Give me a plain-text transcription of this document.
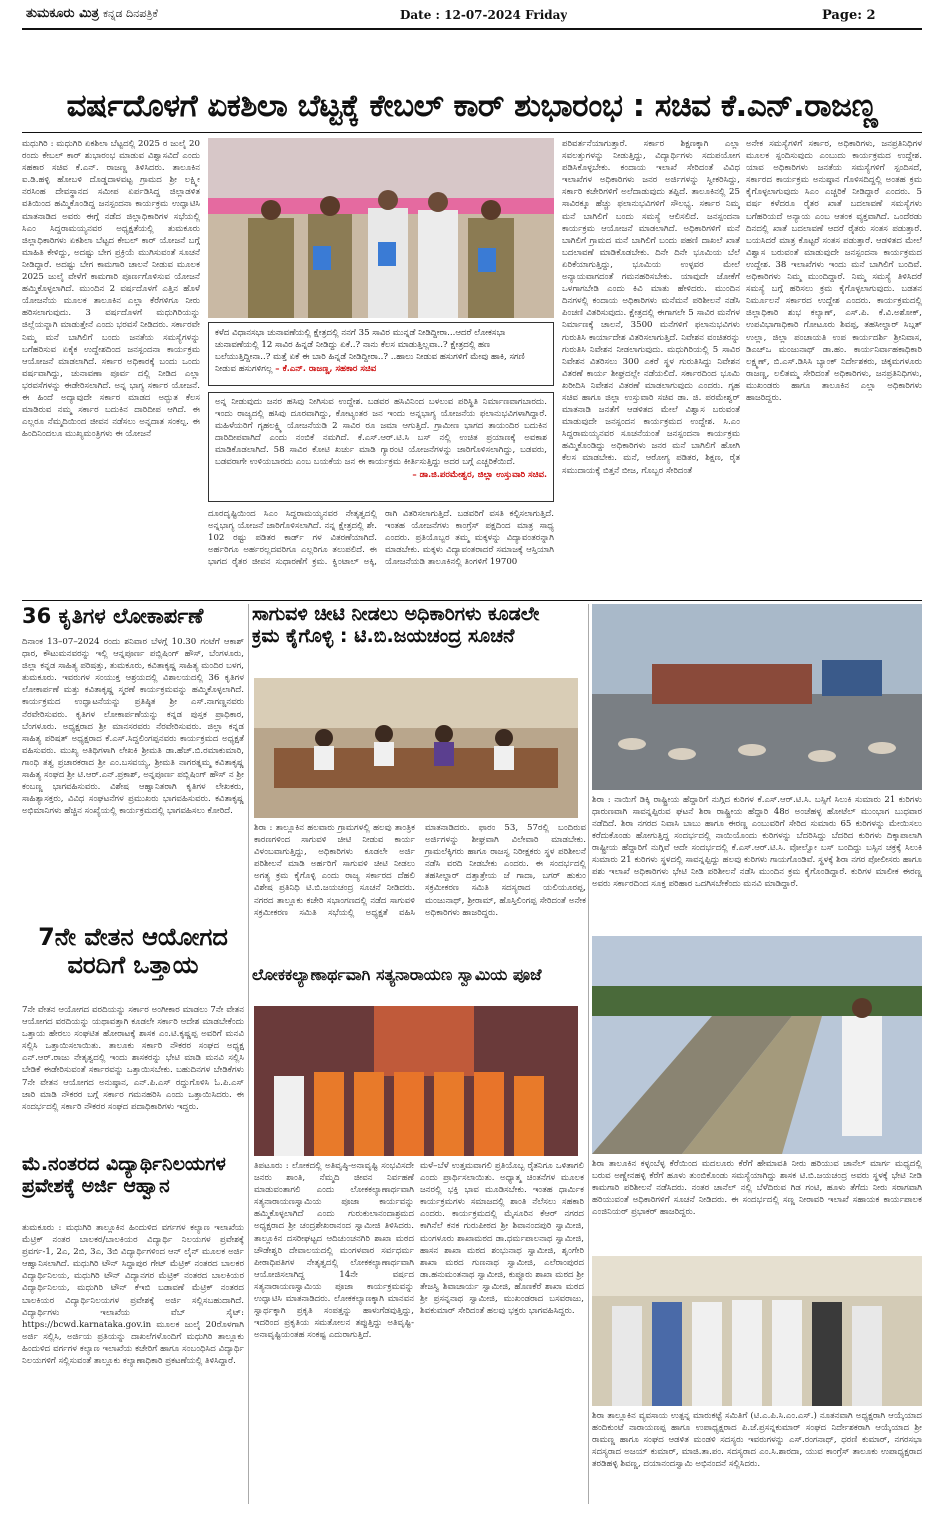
ತುಮಕೂರು ಮಿತ್ರ ಕನ್ನಡ ದಿನಪತ್ರಿಕೆ	Date : 12-07-2024 Friday	Page: 2
ವರ್ಷದೊಳಗೆ ಏಕಶಿಲಾ ಬೆಟ್ಟಕ್ಕೆ ಕೇಬಲ್ ಕಾರ್ ಶುಭಾರಂಭ : ಸಚಿವ ಕೆ.ಎನ್.ರಾಜಣ್ಣ
ಮಧುಗಿರಿ : ಮಧುಗಿರಿ ಏಕಶಿಲಾ ಬೆಟ್ಟದಲ್ಲಿ 2025 ರ ಜುಲೈ 20 ರಂದು ಕೇಬಲ್ ಕಾರ್ ಶುಭಾರಂಭ ಮಾಡುವ ವಿಶ್ವಾಸವಿದೆ ಎಂದು ಸಹಕಾರ ಸಚಿವ ಕೆ.ಎನ್. ರಾಜಣ್ಣ ತಿಳಿಸಿದರು. ತಾಲೂಕಿನ ಐ.ಡಿ.ಹಳ್ಳಿ ಹೋಬಳಿ ದೊಡ್ಡದಾಳವಟ್ಟ ಗ್ರಾಮದ ಶ್ರೀ ಲಕ್ಷ್ಮೀ ನರಸಿಂಹ ದೇವಸ್ಥಾನದ ಸಮೀಪ ಏರ್ಪಡಿಸಿದ್ದ ಜಿಲ್ಲಾಡಳಿತ ವತಿಯಿಂದ ಹಮ್ಮಿಕೊಂಡಿದ್ದ ಜನಸ್ಪಂದನಾ ಕಾರ್ಯಕ್ರಮ ಉದ್ಘಾಟಿಸಿ ಮಾತನಾಡಿದ ಅವರು ಈಗ್ಗೆ ನಡೆದ ಜಿಲ್ಲಾಧಿಕಾರಿಗಳ ಸಭೆಯಲ್ಲಿ ಸಿಎಂ ಸಿದ್ದರಾಮಯ್ಯನವರ ಅಧ್ಯಕ್ಷತೆಯಲ್ಲಿ ತುಮಕೂರು ಜಿಲ್ಲಾಧಿಕಾರಿಗಳು ಏಕಶಿಲಾ ಬೆಟ್ಟದ ಕೇಬಲ್ ಕಾರ್ ಯೋಜನೆ ಬಗ್ಗೆ ಮಾಹಿತಿ ಕೇಳಿದ್ದು, ಅದಷ್ಟು ಬೇಗ ಪ್ರಕ್ರಿಯೆ ಮುಗಿಸುವಂತೆ ಸೂಚನೆ ನೀಡಿದ್ದಾರೆ. ಅದಷ್ಟು ಬೇಗ ಕಾಮಗಾರಿ ಚಾಲನೆ ನೀಡುವ ಮೂಲಕ 2025 ಜುಲೈ ವೇಳೆಗೆ ಕಾಮಗಾರಿ ಪೂರ್ಣಗೊಳಿಸುವ ಯೋಜನೆ ಹಮ್ಮಿಕೊಳ್ಳಲಾಗಿದೆ. ಮುಂದಿನ 2 ವರ್ಷದೊಳಗೆ ಎತ್ತಿನ ಹೊಳೆ ಯೋಜನೆಯ ಮೂಲಕ ತಾಲೂಕಿನ ಎಲ್ಲಾ ಕೆರೆಗಳಿಗೂ ನೀರು ಹರಿಸಲಾಗುವುದು. 3 ವರ್ಷದೊಳಗೆ ಮಧುಗಿರಿಯನ್ನು ಜಿಲ್ಲೆಯನ್ನಾಗಿ ಮಾಡುತ್ತೇನೆ ಎಂದು ಭರವಸೆ ನೀಡಿದರು. ಸರ್ಕಾರವೇ ನಿಮ್ಮ ಮನೆ ಬಾಗಿಲಿಗೆ ಬಂದು ಜನತೆಯ ಸಮಸ್ಯೆಗಳನ್ನು ಬಗೆಹರಿಸುವ ಏಕೈಕ ಉದ್ದೇಶದಿಂದ ಜನಸ್ಪಂದನಾ ಕಾರ್ಯಕ್ರಮ ಆಯೋಜನೆ ಮಾಡಲಾಗಿದೆ. ಸರ್ಕಾರ ಅಧಿಕಾರಕ್ಕೆ ಬಂದು ಒಂದು ವರ್ಷವಾಗಿದ್ದು, ಚುನಾವಣಾ ಪೂರ್ವ ದಲ್ಲಿ ನೀಡಿದ ಎಲ್ಲಾ ಭರವಸೆಗಳನ್ನು ಈಡೇರಿಸಲಾಗಿದೆ. ಅನ್ನ ಭಾಗ್ಯ ಸರ್ಕಾರ ಯೋಜನೆ. ಈ ಹಿಂದೆ ಅದ್ಯಾವುದೇ ಸರ್ಕಾರ ಮಾಡದ ಅದ್ಭುತ ಕೆಲಸ ಮಾಡಿರುವ ನಮ್ಮ ಸರ್ಕಾರ ಬದುಕಿನ ದಾರಿದೀಪ ಆಗಿದೆ. ಈ ಎಲ್ಲರೂ ನೆಮ್ಮದಿಯಿಂದ ಜೀವನ ನಡೆಸಲು ಅನ್ನದಾತ ಸಂಕಲ್ಪ. ಈ ಹಿಂದಿನಿಂದಲೂ ಮುಖ್ಯಮಂತ್ರಿಗಳು ಈ ಯೋಜನೆ
ಕಳೆದ ವಿಧಾನಸಭಾ ಚುನಾವಣೆಯಲ್ಲಿ ಕ್ಷೇತ್ರದಲ್ಲಿ ನನಗೆ 35 ಸಾವಿರ ಮುನ್ನಡೆ ನೀಡಿದ್ದೀರಾ...ಆದರೆ ಲೋಕಸಭಾ ಚುನಾವಣೆಯಲ್ಲಿ 12 ಸಾವಿರ ಹಿನ್ನಡೆ ನೀಡಿದ್ದು ಏಕೆ..? ನಾನು ಕೆಲಸ ಮಾಡುತ್ತಿಲ್ಲವಾ..? ಕ್ಷೇತ್ರದಲ್ಲಿ ಹಣ ಬಲೆಯುತ್ತಿದ್ದೀನಾ..? ಮತ್ತೆ ಏಕೆ ಈ ಬಾರಿ ಹಿನ್ನಡೆ ನೀಡಿದ್ದೀರಾ..? ..ಹಾಲು ನೀಡುವ ಹಸುಗಳಿಗೆ ಮೇವು ಹಾಕಿ, ಸಗಣಿ ನೀಡುವ ಹಸುಗಳಿಗಲ್ಲ – ಕೆ.ಎನ್. ರಾಜಣ್ಣ, ಸಹಕಾರ ಸಚಿವ
ಅನ್ನ ನೀಡುವುದು ಜನರ ಹಸಿವು ನೀಗಿಸುವ ಉದ್ದೇಶ. ಬಡವರ ಹಸಿವಿನಿಂದ ಬಳಲುವ ಪರಿಸ್ಥಿತಿ ನಿರ್ಮಾಣವಾಗಬಾರದು. ಇಂದು ರಾಜ್ಯದಲ್ಲಿ ಹಸಿವು ದೂರವಾಗಿದ್ದು, ಕೋಟ್ಯಂತರ ಜನ ಇಂದು ಅನ್ನಭಾಗ್ಯ ಯೋಜನೆಯ ಫಲಾನುಭವಿಗಳಾಗಿದ್ದಾರೆ. ಮಹಿಳೆಯರಿಗೆ ಗೃಹಲಕ್ಷ್ಮಿ ಯೋಜನೆಯಡಿ 2 ಸಾವಿರ ರೂ ಜಮಾ ಆಗುತ್ತಿದೆ. ಗ್ರಾಮೀಣ ಭಾಗದ ತಾಯಂದಿರ ಬದುಕಿನ ದಾರಿದೀಪವಾಗಿದೆ ಎಂದು ನಂಬಿಕೆ ನಮಗಿದೆ. ಕೆ.ಎಸ್.ಆರ್.ಟಿ.ಸಿ ಬಸ್ ನಲ್ಲಿ ಉಚಿತ ಪ್ರಯಾಣಕ್ಕೆ ಅವಕಾಶ ಮಾಡಿಕೊಡಲಾಗಿದೆ. 58 ಸಾವಿರ ಕೋಟಿ ಖರ್ಚು ಮಾಡಿ ಗ್ಯಾರಂಟಿ ಯೋಜನೆಗಳನ್ನು ಜಾರಿಗೊಳಿಸಲಾಗಿದ್ದು, ಬಡವರು, ಬಡವರಾಗೇ ಉಳಿಯಬಾರದು ಎಂಬ ಬಯಕೆಯ ಜನ ಈ ಕಾರ್ಯಕ್ರಮ ಕೀರ್ತಿಸುತ್ತಿದ್ದು ಅದರ ಬಗ್ಗೆ ಎಚ್ಚರಿಕೆಯಿದೆ.
– ಡಾ.ಜಿ.ಪರಮೇಶ್ವರ, ಜಿಲ್ಲಾ ಉಸ್ತುವಾರಿ ಸಚಿವ.
ದೂರದೃಷ್ಟಿಯಿಂದ ಸಿಎಂ ಸಿದ್ದರಾಮಯ್ಯನವರ ನೇತೃತ್ವದಲ್ಲಿ ಅನ್ನಭಾಗ್ಯ ಯೋಜನೆ ಜಾರಿಗೊಳಿಸಲಾಗಿದೆ. ನನ್ನ ಕ್ಷೇತ್ರದಲ್ಲಿ ಶೇ. 102 ರಷ್ಟು ಪಡಿತರ ಕಾರ್ಡ್ ಗಳ ವಿತರಣೆಯಾಗಿದೆ. ಅರ್ಹರಿಗೂ ಅರ್ಹರಲ್ಲದವರಿಗೂ ಎಲ್ಲರಿಗೂ ತಲುಪಲಿದೆ. ಈ ಭಾಗದ ರೈತರ ಜೀವನ ಸುಧಾರಣೆಗೆ ಕ್ರಮ. ಕ್ವಿಂಟಾಲ್ ಅಕ್ಕಿ, ರಾಗಿ ವಿತರಿಸಲಾಗುತ್ತಿದೆ. ಬಡವರಿಗೆ ವಸತಿ ಕಲ್ಪಿಸಲಾಗುತ್ತಿದೆ. ಇಂತಹ ಯೋಜನೆಗಳು ಕಾಂಗ್ರೆಸ್ ಪಕ್ಷದಿಂದ ಮಾತ್ರ ಸಾಧ್ಯ ಎಂದರು. ಪ್ರತಿಯೊಬ್ಬರ ತಮ್ಮ ಮಕ್ಕಳನ್ನು ವಿದ್ಯಾವಂತರನ್ನಾಗಿ ಮಾಡಬೇಕು. ಮಕ್ಕಳು ವಿದ್ಯಾವಂತರಾದರೆ ಸಮಾಜಕ್ಕೆ ಆಸ್ತಿಯಾಗಿ ಯೋಜನೆಯಡಿ ತಾಲೂಕಿನಲ್ಲಿ ತಿಂಗಳಿಗೆ 19700
ಪರಿವರ್ತನೆಯಾಗುತ್ತಾರೆ. ಸರ್ಕಾರ ಶಿಕ್ಷಣಕ್ಕಾಗಿ ಎಲ್ಲಾ ಸವಲತ್ತುಗಳನ್ನು ನೀಡುತ್ತಿದ್ದು, ವಿದ್ಯಾರ್ಥಿಗಳು ಸದುಪಯೋಗ ಪಡಿಸಿಕೊಳ್ಳಬೇಕು. ಕಂದಾಯ ಇಲಾಖೆ ಸೇರಿದಂತೆ ವಿವಿಧ ಇಲಾಖೆಗಳ ಅಧಿಕಾರಿಗಳು ಜನರ ಅರ್ಜಿಗಳನ್ನು ಸ್ವೀಕರಿಸಿದ್ದು, ಸರ್ಕಾರಿ ಕಚೇರಿಗಳಿಗೆ ಅಲೆದಾಡುವುದು ತಪ್ಪಿದೆ. ತಾಲೂಕಿನಲ್ಲಿ 25 ಸಾವಿರಕ್ಕೂ ಹೆಚ್ಚು ಫಲಾನುಭವಿಗಳಿಗೆ ಸೌಲಭ್ಯ. ಸರ್ಕಾರ ನಿಮ್ಮ ಮನೆ ಬಾಗಿಲಿಗೆ ಬಂದು ಸಮಸ್ಯೆ ಆಲಿಸಲಿದೆ. ಜನಸ್ಪಂದನಾ ಕಾರ್ಯಕ್ರಮ ಆಯೋಜನೆ ಮಾಡಲಾಗಿದೆ. ಅಧಿಕಾರಿಗಳಿಗೆ ಮನೆ ಬಾಗಿಲಿಗೆ ಗ್ರಾಮದ ಮನೆ ಬಾಗಿಲಿಗೆ ಬಂದು ಪಹಣಿ ದಾಖಲೆ ಖಾತೆ ಬದಲಾವಣೆ ಮಾಡಿಕೊಡಬೇಕು. ದಿನೇ ದಿನೇ ಭೂಮಿಯ ಬೆಲೆ ಏರಿಕೆಯಾಗುತ್ತಿದ್ದು, ಭೂಮಿಯ ಉಳ್ಳವರ ಮೇಲೆ ಅನ್ಯಾಯವಾಗದಂತೆ ಗಮನಹರಿಸಬೇಕು. ಯಾವುದೇ ಜೋಕೆಗೆ ಒಳಗಾಗಬೇಡಿ ಎಂದು ಕಿವಿ ಮಾತು ಹೇಳಿದರು. ಮುಂದಿನ ದಿನಗಳಲ್ಲಿ ಕಂದಾಯ ಅಧಿಕಾರಿಗಳು ಮನೆಮನೆ ಪರಿಶೀಲನೆ ನಡೆಸಿ ಪಿಂಚಣಿ ವಿತರಿಸುವುದು. ಕ್ಷೇತ್ರದಲ್ಲಿ ಈಗಾಗಲೇ 5 ಸಾವಿರ ಮನೆಗಳ ನಿರ್ಮಾಣಕ್ಕೆ ಚಾಲನೆ, 3500 ಮನೆಗಳಿಗೆ ಫಲಾನುಭವಿಗಳು ಗುರುತಿಸಿ ಕಾರ್ಯಾದೇಶ ವಿತರಿಸಲಾಗುತ್ತಿದೆ. ನಿವೇಶನ ವಂಚಿತರನ್ನು ಗುರುತಿಸಿ ನಿವೇಶನ ನೀಡಲಾಗುವುದು. ಮಧುಗಿರಿಯಲ್ಲಿ 5 ಸಾವಿರ ನಿವೇಶನ ವಿತರಿಸಲು 300 ಎಕರೆ ಸ್ಥಳ ಗುರುತಿಸಿದ್ದು ನಿವೇಶನ ವಿತರಣೆ ಕಾರ್ಯ ಶೀಘ್ರದಲ್ಲೇ ನಡೆಯಲಿದೆ. ಸರ್ಕಾರದಿಂದ ಭೂಮಿ ಖರೀದಿಸಿ ನಿವೇಶನ ವಿತರಣೆ ಮಾಡಲಾಗುವುದು ಎಂದರು. ಗೃಹ ಸಚಿವ ಹಾಗೂ ಜಿಲ್ಲಾ ಉಸ್ತುವಾರಿ ಸಚಿವ ಡಾ. ಜಿ. ಪರಮೇಶ್ವರ್ ಮಾತನಾಡಿ ಜನತೆಗೆ ಆಡಳಿತದ ಮೇಲೆ ವಿಶ್ವಾಸ ಬರುವಂತೆ ಮಾಡುವುದೇ ಜನಸ್ಪಂದನ ಕಾರ್ಯಕ್ರಮದ ಉದ್ದೇಶ. ಸಿ.ಎಂ ಸಿದ್ದರಾಮಯ್ಯನವರ ಸೂಚನೆಯಂತೆ ಜನಸ್ಪಂದನಾ ಕಾರ್ಯಕ್ರಮ ಹಮ್ಮಿಕೊಂಡಿದ್ದು ಅಧಿಕಾರಿಗಳು ಜನರ ಮನೆ ಬಾಗಿಲಿಗೆ ಹೋಗಿ ಕೆಲಸ ಮಾಡಬೇಕು. ಮನೆ, ಆರೋಗ್ಯ ಪಡಿತರ, ಶಿಕ್ಷಣ, ರೈತ ಸಮುದಾಯಕ್ಕೆ ಬಿತ್ತನೆ ಬೀಜ, ಗೊಬ್ಬರ ಸೇರಿದಂತೆ
ಅನೇಕ ಸಮಸ್ಯೆಗಳಿಗೆ ಸರ್ಕಾರ, ಅಧಿಕಾರಿಗಳು, ಜನಪ್ರತಿನಿಧಿಗಳ ಮೂಲಕ ಸ್ಪಂದಿಸುವುದು ಎಂಬುದು ಕಾರ್ಯಕ್ರಮದ ಉದ್ದೇಶ. ಯಾವ ಅಧಿಕಾರಿಗಳು ಜನತೆಯ ಸಮಸ್ಯೆಗಳಿಗೆ ಸ್ಪಂದಿಸದೆ, ಸರ್ಕಾರದ ಕಾರ್ಯಕ್ರಮ ಅನುಷ್ಠಾನ ಗೊಳಿಸದಿದ್ದಲ್ಲಿ ಅಂತಹ ಕ್ರಮ ಕೈಗೊಳ್ಳಲಾಗುವುದು ಸಿಎಂ ಎಚ್ಚರಿಕೆ ನೀಡಿದ್ದಾರೆ ಎಂದರು. 5 ವರ್ಷ ಕಳೆದರೂ ರೈತರ ಖಾತೆ ಬದಲಾವಣೆ ಸಮಸ್ಯೆಗಳು ಬಗೆಹರಿಯದೆ ಅನ್ಯಾಯ ಎಂಬ ಆತಂಕ ವ್ಯಕ್ತವಾಗಿದೆ. ಒಂದೆರಡು ದಿನದಲ್ಲಿ ಖಾತೆ ಬದಲಾವಣೆ ಆದರೆ ರೈತರು ಸಂತಸ ಪಡುತ್ತಾರೆ. ಬಯಸಿದರೆ ಮಾತ್ರ ಕೊಟ್ಟರೆ ಸಂತಸ ಪಡುತ್ತಾರೆ. ಆಡಳಿತದ ಮೇಲೆ ವಿಶ್ವಾಸ ಬರುವಂತೆ ಮಾಡುವುದೇ ಜನಸ್ಪಂದನಾ ಕಾರ್ಯಕ್ರಮದ ಉದ್ದೇಶ. 38 ಇಲಾಖೆಗಳು ಇಂದು ಮನೆ ಬಾಗಿಲಿಗೆ ಬಂದಿವೆ. ಅಧಿಕಾರಿಗಳು ನಿಮ್ಮ ಮುಂದಿದ್ದಾರೆ. ನಿಮ್ಮ ಸಮಸ್ಯೆ ತಿಳಿಸಿದರೆ ಸಮಸ್ಯೆ ಬಗ್ಗೆ ಹರಿಸಲು ಕ್ರಮ ಕೈಗೊಳ್ಳಲಾಗುವುದು. ಬಡತನ ನಿರ್ಮೂಲನೆ ಸರ್ಕಾರದ ಉದ್ದೇಶ ಎಂದರು. ಕಾರ್ಯಕ್ರಮದಲ್ಲಿ ಜಿಲ್ಲಾಧಿಕಾರಿ ಶುಭ ಕಲ್ಯಾಣ್, ಎಸ್.ಪಿ. ಕೆ.ವಿ.ಅಶೋಕ್, ಉಪವಿಭಾಗಾಧಿಕಾರಿ ಗೋಟೂರು ಶಿವಪ್ಪ, ತಹಸೀಲ್ದಾರ್ ಸಿಬ್ಗತ್ ಉಲ್ಲಾ, ಜಿಲ್ಲಾ ಪಂಚಾಯತಿ ಉಪ ಕಾರ್ಯದರ್ಶಿ ಶ್ರೀನಿವಾಸ, ಡಿಎಚ್‌ಒ ಮಂಜುನಾಥ್ ಡಾ.ಹಂ. ಕಾರ್ಯನಿರ್ವಾಹಕಾಧಿಕಾರಿ ಲಕ್ಷ್ಮಣ್, ಬಿ.ಎಸ್.ಡಿಸಿಸಿ ಬ್ಯಾಂಕ್ ನಿರ್ದೇಶಕರು, ಚಿಕ್ಕಮಗಳೂರು ರಾಜಣ್ಣ, ಲಲಿತಮ್ಮ ಸೇರಿದಂತೆ ಅಧಿಕಾರಿಗಳು, ಜನಪ್ರತಿನಿಧಿಗಳು, ಮುಖಂಡರು ಹಾಗೂ ತಾಲೂಕಿನ ಎಲ್ಲಾ ಅಧಿಕಾರಿಗಳು ಹಾಜರಿದ್ದರು.
36 ಕೃತಿಗಳ ಲೋಕಾರ್ಪಣೆ
ದಿನಾಂಕ 13–07–2024 ರಂದು ಶನಿವಾರ ಬೆಳಗ್ಗೆ 10.30 ಗಂಟೆಗೆ ಆಕಾಶ್ ಧಾರ, ಕೌಟುಮನವರನ್ನು ಇಲ್ಲಿ ಆನ್ನಪೂರ್ಣ ಪಬ್ಲಿಷಿಂಗ್ ಹೌಸ್, ಬೆಂಗಳೂರು, ಜಿಲ್ಲಾ ಕನ್ನಡ ಸಾಹಿತ್ಯ ಪರಿಷತ್ತು, ತುಮಕೂರು, ಕವಿತಾಕೃಷ್ಣ ಸಾಹಿತ್ಯ ಮಂದಿರ ಬಳಗ, ತುಮಕೂರು. ಇವರುಗಳ ಸಂಯುಕ್ತ ಆಶ್ರಯದಲ್ಲಿ ವಿಶಾಲಯದಲ್ಲಿ 36 ಕೃತಿಗಳ ಲೋಕಾರ್ಪಣೆ ಮತ್ತು ಕವಿತಾಕೃಷ್ಣ ಸ್ಮರಣೆ ಕಾರ್ಯಕ್ರಮವನ್ನು ಹಮ್ಮಿಕೊಳ್ಳಲಾಗಿದೆ. ಕಾರ್ಯಕ್ರಮದ ಉದ್ಘಾಟನೆಯನ್ನು ಪ್ರತಿಷ್ಠಿತ ಶ್ರೀ ಎಸ್.ನಾಗಣ್ಣನವರು ನೆರವೇರಿಸುವರು. ಕೃತಿಗಳ ಲೋಕಾರ್ಪಣೆಯನ್ನು ಕನ್ನಡ ಪುಸ್ತಕ ಪ್ರಾಧಿಕಾರ, ಬೆಂಗಳೂರು. ಅಧ್ಯಕ್ಷರಾದ ಶ್ರೀ ಮಾನಸರವರು ನೆರವೇರಿಸುವರು. ಜಿಲ್ಲಾ ಕನ್ನಡ ಸಾಹಿತ್ಯ ಪರಿಷತ್ ಅಧ್ಯಕ್ಷರಾದ ಕೆ.ಎಸ್.ಸಿದ್ದಲಿಂಗಪ್ಪನವರು ಕಾರ್ಯಕ್ರಮದ ಅಧ್ಯಕ್ಷತೆ ವಹಿಸುವರು. ಮುಖ್ಯ ಅತಿಥಿಗಳಾಗಿ ಲೇಖಕಿ ಶ್ರೀಮತಿ ಡಾ.ಹೆಚ್.ಬಿ.ರಮಾಕುಮಾರಿ, ಗಾಂಧಿ ತತ್ವ ಪ್ರಚಾರಕರಾದ ಶ್ರೀ ಎಂ.ಬಸವಯ್ಯ, ಶ್ರೀಮತಿ ನಾಗರತ್ನಮ್ಮ ಕವಿತಾಕೃಷ್ಣ ಸಾಹಿತ್ಯ ಸಂಘದ ಶ್ರೀ ಟಿ.ಆರ್.ಎನ್.ಪ್ರಕಾಶ್, ಅನ್ನಪೂರ್ಣ ಪಬ್ಲಿಷಿಂಗ್ ಹೌಸ್ ನ ಶ್ರೀ ಕಂಬಣ್ಣ ಭಾಗವಹಿಸುವರು. ವಿಶೇಷ ಆಹ್ವಾನಿತರಾಗಿ ಕೃತಿಗಳ ಲೇಖಕರು, ಸಾಹಿತ್ಯಾಸಕ್ತರು, ವಿವಿಧ ಸಂಘಟನೆಗಳ ಪ್ರಮುಖರು ಭಾಗವಹಿಸುವರು. ಕವಿತಾಕೃಷ್ಣ ಅಭಿಮಾನಿಗಳು ಹೆಚ್ಚಿನ ಸಂಖ್ಯೆಯಲ್ಲಿ ಕಾರ್ಯಕ್ರಮದಲ್ಲಿ ಭಾಗವಹಿಸಲು ಕೋರಿದೆ.
7ನೇ ವೇತನ ಆಯೋಗದ
ವರದಿಗೆ ಒತ್ತಾಯ
7ನೇ ವೇತನ ಆಯೋಗದ ವರದಿಯನ್ನು ಸರ್ಕಾರ ಅಂಗೀಕಾರ ಮಾಡಲು 7ನೇ ವೇತನ ಆಯೋಗದ ವರದಿಯನ್ನು ಯಥಾವತ್ತಾಗಿ ಕೂಡಲೇ ಸರ್ಕಾರಿ ಆದೇಶ ಮಾಡಬೇಕೆಂದು ಒತ್ತಾಯ ಹೇರಲು ಸಂಘಟಿತ ಹೋರಾಟಕ್ಕೆ ಶಾಸಕ ಎಂ.ಟಿ.ಕೃಷ್ಣಪ್ಪ ಅವರಿಗೆ ಮನವಿ ಸಲ್ಲಿಸಿ ಒತ್ತಾಯಿಸಲಾಯಿತು. ತಾಲೂಕು ಸರ್ಕಾರಿ ನೌಕರರ ಸಂಘದ ಅಧ್ಯಕ್ಷ ಎನ್.ಆರ್.ರಾಜು ನೇತೃತ್ವದಲ್ಲಿ ಇಂದು ಶಾಸಕರನ್ನು ಭೇಟಿ ಮಾಡಿ ಮನವಿ ಸಲ್ಲಿಸಿ ಬೇಡಿಕೆ ಈಡೇರಿಸುವಂತೆ ಸರ್ಕಾರವನ್ನು ಒತ್ತಾಯಿಸಬೇಕು. ಬಹುದಿನಗಳ ಬೇಡಿಕೆಗಳು 7ನೇ ವೇತನ ಆಯೋಗದ ಅನುಷ್ಠಾನ, ಎನ್.ಪಿ.ಎಸ್ ರದ್ದುಗೊಳಿಸಿ ಓ.ಪಿ.ಎಸ್ ಜಾರಿ ಮಾಡಿ ನೌಕರರ ಬಗ್ಗೆ ಸರ್ಕಾರ ಗಮನಹರಿಸಿ ಎಂದು ಒತ್ತಾಯಿಸಿದರು. ಈ ಸಂದರ್ಭದಲ್ಲಿ ಸರ್ಕಾರಿ ನೌಕರರ ಸಂಘದ ಪದಾಧಿಕಾರಿಗಳು ಇದ್ದರು.
ಮೆ.ನಂತರದ ವಿದ್ಯಾರ್ಥಿನಿಲಯಗಳ
ಪ್ರವೇಶಕ್ಕೆ ಅರ್ಜಿ ಆಹ್ವಾನ
ತುಮಕೂರು : ಮಧುಗಿರಿ ತಾಲ್ಲೂಕಿನ ಹಿಂದುಳಿದ ವರ್ಗಗಳ ಕಲ್ಯಾಣ ಇಲಾಖೆಯ ಮೆಟ್ರಿಕ್ ನಂತರ ಬಾಲಕರ/ಬಾಲಕಿಯರ ವಿದ್ಯಾರ್ಥಿ ನಿಲಯಗಳ ಪ್ರವೇಶಕ್ಕೆ ಪ್ರವರ್ಗ-1, 2ಎ, 2ಬಿ, 3ಎ, 3ಬಿ ವಿದ್ಯಾರ್ಥಿಗಳಿಂದ ಆನ್ ಲೈನ್ ಮೂಲಕ ಅರ್ಜಿ ಆಹ್ವಾನಿಸಲಾಗಿದೆ. ಮಧುಗಿರಿ ಟೌನ್ ಸಿದ್ದಾಪುರ ಗೇಟ್ ಮೆಟ್ರಿಕ್ ನಂತರದ ಬಾಲಕರ ವಿದ್ಯಾರ್ಥಿನಿಲಯ, ಮಧುಗಿರಿ ಟೌನ್ ವಿದ್ಯಾನಗರ ಮೆಟ್ರಿಕ್ ನಂತರದ ಬಾಲಕಿಯರ ವಿದ್ಯಾರ್ಥಿನಿಲಯ, ಮಧುಗಿರಿ ಟೌನ್ ಕೆಇಬಿ ಬಡಾವಣೆ ಮೆಟ್ರಿಕ್ ನಂತರದ ಬಾಲಕಿಯರ ವಿದ್ಯಾರ್ಥಿನಿಲಯಗಳ ಪ್ರವೇಶಕ್ಕೆ ಅರ್ಜಿ ಸಲ್ಲಿಸಬಹುದಾಗಿದೆ. ವಿದ್ಯಾರ್ಥಿಗಳು ಇಲಾಖೆಯ ವೆಬ್ ಸೈಟ್: https://bcwd.karnataka.gov.in ಮೂಲಕ ಜುಲೈ 20ರೊಳಗಾಗಿ ಅರ್ಜಿ ಸಲ್ಲಿಸಿ, ಅರ್ಜಿಯ ಪ್ರತಿಯನ್ನು ದಾಖಲೆಗಳೊಂದಿಗೆ ಮಧುಗಿರಿ ತಾಲ್ಲೂಕು ಹಿಂದುಳಿದ ವರ್ಗಗಳ ಕಲ್ಯಾಣ ಇಲಾಖೆಯ ಕಚೇರಿಗೆ ಹಾಗೂ ಸಂಬಂಧಿಸಿದ ವಿದ್ಯಾರ್ಥಿ ನಿಲಯಗಳಿಗೆ ಸಲ್ಲಿಸುವಂತೆ ತಾಲ್ಲೂಕು ಕಲ್ಯಾಣಾಧಿಕಾರಿ ಪ್ರಕಟಣೆಯಲ್ಲಿ ತಿಳಿಸಿದ್ದಾರೆ.
ಸಾಗುವಳಿ ಚೀಟಿ ನೀಡಲು ಅಧಿಕಾರಿಗಳು ಕೂಡಲೇ
ಕ್ರಮ ಕೈಗೊಳ್ಳಿ : ಟಿ.ಬಿ.ಜಯಚಂದ್ರ ಸೂಚನೆ
ಶಿರಾ : ತಾಲ್ಲೂಕಿನ ಹಲವಾರು ಗ್ರಾಮಗಳಲ್ಲಿ ಹಲವು ತಾಂತ್ರಿಕ ಕಾರಣಗಳಿಂದ ಸಾಗುವಳಿ ಚೀಟಿ ನೀಡುವ ಕಾರ್ಯ ವಿಳಂಬವಾಗುತ್ತಿದ್ದು, ಅಧಿಕಾರಿಗಳು ಕೂಡಲೇ ಅರ್ಜಿ ಪರಿಶೀಲನೆ ಮಾಡಿ ಅರ್ಹರಿಗೆ ಸಾಗುವಳಿ ಚೀಟಿ ನೀಡಲು ಅಗತ್ಯ ಕ್ರಮ ಕೈಗೊಳ್ಳಿ ಎಂದು ರಾಜ್ಯ ಸರ್ಕಾರದ ದೆಹಲಿ ವಿಶೇಷ ಪ್ರತಿನಿಧಿ ಟಿ.ಬಿ.ಜಯಚಂದ್ರ ಸೂಚನೆ ನೀಡಿದರು. ನಗರದ ತಾಲ್ಲೂಕು ಕಚೇರಿ ಸಭಾಂಗಣದಲ್ಲಿ ನಡೆದ ಸಾಗುವಳಿ ಸಕ್ರಮೀಕರಣ ಸಮಿತಿ ಸಭೆಯಲ್ಲಿ ಅಧ್ಯಕ್ಷತೆ ವಹಿಸಿ ಮಾತನಾಡಿದರು. ಫಾರಂ 53, 57ರಲ್ಲಿ ಬಂದಿರುವ ಅರ್ಜಿಗಳನ್ನು ಶೀಘ್ರವಾಗಿ ವಿಲೇವಾರಿ ಮಾಡಬೇಕು. ಗ್ರಾಮಲೆಕ್ಕಿಗರು ಹಾಗೂ ರಾಜಸ್ವ ನಿರೀಕ್ಷಕರು ಸ್ಥಳ ಪರಿಶೀಲನೆ ನಡೆಸಿ ವರದಿ ನೀಡಬೇಕು ಎಂದರು. ಈ ಸಂದರ್ಭದಲ್ಲಿ ತಹಸೀಲ್ದಾರ್ ದತ್ತಾತ್ರೇಯ ಜೆ ಗಾದಾ, ಬಗರ್ ಹುಕುಂ ಸಕ್ರಮೀಕರಣ ಸಮಿತಿ ಸದಸ್ಯರಾದ ಯಲಿಯೂರಪ್ಪ, ಮಂಜುನಾಥ್, ಶ್ರೀರಾಮ್, ಹೊಸ್ತಿಲಿಂಗಪ್ಪ ಸೇರಿದಂತೆ ಅನೇಕ ಅಧಿಕಾರಿಗಳು ಹಾಜರಿದ್ದರು.
ಶಿರಾ : ನಾಯಿಗೆ ಡಿಕ್ಕಿ ರಾಷ್ಟ್ರೀಯ ಹೆದ್ದಾರಿಗೆ ನುಗ್ಗಿದ ಕುರಿಗಳ ಕೆ.ಎಸ್.ಆರ್.ಟಿ.ಸಿ. ಬಸ್ಸಿಗೆ ಸಿಲುಕಿ ಸುಮಾರು 21 ಕುರಿಗಳು ಧಾರುಣವಾಗಿ ಸಾವನ್ನಪ್ಪಿರುವ ಘಟನೆ ಶಿರಾ ರಾಷ್ಟ್ರೀಯ ಹೆದ್ದಾರಿ 48ರ ಅಂಚೆಹಳ್ಳ ಹೋಟೆಲ್ ಮುಂಭಾಗ ಬುಧವಾರ ನಡೆದಿದೆ. ಶಿರಾ ನಗರದ ನಿವಾಸಿ ಬಾಬು ಹಾಗೂ ಈರಣ್ಣ ಎಂಬುವರಿಗೆ ಸೇರಿದ ಸುಮಾರು 65 ಕುರಿಗಳನ್ನು ಮೇಯಿಸಲು ಕರೆದುಕೊಂಡು ಹೋಗುತ್ತಿದ್ದ ಸಂದರ್ಭದಲ್ಲಿ ನಾಯಿಯೊಂದು ಕುರಿಗಳನ್ನು ಬೆದರಿಸಿದ್ದು ಬೆದರಿದ ಕುರಿಗಳು ದಿಕ್ಕಾಪಾಲಾಗಿ ರಾಷ್ಟ್ರೀಯ ಹೆದ್ದಾರಿಗೆ ನುಗ್ಗಿವೆ ಆದೇ ಸಂದರ್ಭದಲ್ಲಿ ಕೆ.ಎಸ್.ಆರ್.ಟಿ.ಸಿ. ವೋಲ್ವೋ ಬಸ್ ಬಂದಿದ್ದು ಬಸ್ಸಿನ ಚಕ್ರಕ್ಕೆ ಸಿಲುಕಿ ಸುಮಾರು 21 ಕುರಿಗಳು ಸ್ಥಳದಲ್ಲಿ ಸಾವನ್ನಪ್ಪಿದ್ದು ಹಲವು ಕುರಿಗಳು ಗಾಯಗೊಂಡಿವೆ. ಸ್ಥಳಕ್ಕೆ ಶಿರಾ ನಗರ ಪೋಲೀಸರು ಹಾಗೂ ಪಶು ಇಲಾಖೆ ಅಧಿಕಾರಿಗಳು ಭೇಟಿ ನೀಡಿ ಪರಿಶೀಲನೆ ನಡೆಸಿ ಮುಂದಿನ ಕ್ರಮ ಕೈಗೊಂಡಿದ್ದಾರೆ. ಕುರಿಗಳ ಮಾಲೀಕ ಈರಣ್ಣ ಅವರು ಸರ್ಕಾರದಿಂದ ಸೂಕ್ತ ಪರಿಹಾರ ಒದಗಿಸಬೇಕೆಂದು ಮನವಿ ಮಾಡಿದ್ದಾರೆ.
ಲೋಕಕಲ್ಯಾಣಾರ್ಥವಾಗಿ ಸತ್ಯನಾರಾಯಣ ಸ್ವಾಮಿಯ ಪೂಜೆ
ತಿಪಟೂರು : ಲೋಕದಲ್ಲಿ ಅತಿವೃಷ್ಠಿ-ಅನಾವೃಷ್ಟಿ ಸಂಭವಿಸದೇ ಜನರು ಶಾಂತಿ, ನೆಮ್ಮದಿ ಜೀವನ ನಿರ್ವಹಣೆ ಮಾಡುವಂತಾಗಲಿ ಎಂದು ಲೋಕಕಲ್ಯಾಣಾರ್ಥವಾಗಿ ಸತ್ಯನಾರಾಯಣಸ್ವಾಮಿಯ ಪೂಜಾ ಕಾರ್ಯವನ್ನು ಹಮ್ಮಿಕೊಳ್ಳಲಾಗಿದೆ ಎಂದು ಗುರುಕುಲಾನಂದಾಶ್ರಮದ ಅಧ್ಯಕ್ಷರಾದ ಶ್ರೀ ಚಂದ್ರಶೇಖರಾನಂದ ಸ್ವಾಮೀಜಿ ತಿಳಿಸಿದರು. ತಾಲ್ಲೂಕಿನ ದಸರೀಘಟ್ಟದ ಆದಿಚುಂಚನಗಿರಿ ಶಾಖಾ ಮಠದ ಚೌಡೇಶ್ವರಿ ದೇವಾಲಯದಲ್ಲಿ ಮಂಗಳವಾರ ಸರ್ವಧರ್ಮ ಪೀಠಾಧಿಪತಿಗಳ ನೇತೃತ್ವದಲ್ಲಿ ಲೋಕಕಲ್ಯಾಣಾರ್ಥವಾಗಿ ಆಯೋಜಿಸಲಾಗಿದ್ದ 14ನೇ ವರ್ಷದ ಸತ್ಯನಾರಾಯಣಸ್ವಾಮಿಯ ಪೂಜಾ ಕಾರ್ಯಕ್ರಮವನ್ನು ಉದ್ಘಾಟಿಸಿ ಮಾತನಾಡಿದರು. ಲೋಕಕಲ್ಯಾಣಕ್ಕಾಗಿ ಮಾನವನ ಸ್ವಾರ್ಥಕ್ಕಾಗಿ ಪ್ರಕೃತಿ ಸಂಪತ್ತನ್ನು ಹಾಳುಗೆಡವುತ್ತಿದ್ದು, ಇದರಿಂದ ಪ್ರಕೃತಿಯ ಸಮತೋಲನ ತಪ್ಪುತ್ತಿದ್ದು ಅತಿವೃಷ್ಟಿ-ಅನಾವೃಷ್ಟಿಯಂತಹ ಸಂಕಷ್ಟ ಎದುರಾಗುತ್ತಿದೆ.
ಮಳೆ–ಬೆಳೆ ಉತ್ತಮವಾಗಲಿ ಪ್ರತಿಯೊಬ್ಬ ರೈತನಿಗೂ ಒಳಿತಾಗಲಿ ಎಂದು ಪ್ರಾರ್ಥಿಸಲಾಯಿತು. ಅಧ್ಯಾತ್ಮ ಚಿಂತನೆಗಳ ಮೂಲಕ ಜನರಲ್ಲಿ ಭಕ್ತಿ ಭಾವ ಮೂಡಿಸಬೇಕು. ಇಂತಹ ಧಾರ್ಮಿಕ ಕಾರ್ಯಕ್ರಮಗಳು ಸಮಾಜದಲ್ಲಿ ಶಾಂತಿ ನೆಲೆಸಲು ಸಹಕಾರಿ ಎಂದರು. ಕಾರ್ಯಕ್ರಮದಲ್ಲಿ ಮೈಸೂರಿನ ಕೆಆರ್ ನಗರದ ಕಾಗಿನೆಲೆ ಕನಕ ಗುರುಪೀಠದ ಶ್ರೀ ಶಿವಾನಂದಪುರಿ ಸ್ವಾಮೀಜಿ, ಮಂಗಳೂರು ಶಾಖಾಮಠದ ಡಾ.ಧರ್ಮಪಾಲನಾಥ ಸ್ವಾಮೀಜಿ, ಹಾಸನ ಶಾಖಾ ಮಠದ ಶಂಭುನಾಥ ಸ್ವಾಮೀಜಿ, ಶೃಂಗೇರಿ ಶಾಖಾ ಮಠದ ಗುಣನಾಥ ಸ್ವಾಮೀಜಿ, ಎಲೆರಾಂಪುರದ ಡಾ.ಹನುಮಂತನಾಥ ಸ್ವಾಮೀಜಿ, ಕುಪ್ಪೂರು ಶಾಖಾ ಮಠದ ಶ್ರೀ ತೇಜಸ್ವಿ ಶಿವಾಚಾರ್ಯ ಸ್ವಾಮೀಜಿ, ಹೊಣಕೆರೆ ಶಾಖಾ ಮಠದ ಶ್ರೀ ಪ್ರಸನ್ನನಾಥ ಸ್ವಾಮೀಜಿ, ಮುಖಂಡರಾದ ಬಸವರಾಜು, ಶಿವಕುಮಾರ್ ಸೇರಿದಂತೆ ಹಲವು ಭಕ್ತರು ಭಾಗವಹಿಸಿದ್ದರು.
ಶಿರಾ ತಾಲೂಕಿನ ಕಳ್ಳಂಬೆಳ್ಳ ಕೆರೆಯಿಂದ ಮದಲೂರು ಕೆರೆಗೆ ಹೇಮಾವತಿ ನೀರು ಹರಿಯುವ ಚಾನೆಲ್ ಮಾರ್ಗ ಮಧ್ಯದಲ್ಲಿ ಬರುವ ಅಣ್ಣೇನಹಳ್ಳಿ ಕೆರೆಗೆ ಹೂಳು ತುಂಬಿಕೊಂಡು ಸಮಸ್ಯೆಯಾಗಿದ್ದು ಶಾಸಕ ಟಿ.ಬಿ.ಜಯಚಂದ್ರ ಅವರು ಸ್ಥಳಕ್ಕೆ ಭೇಟಿ ನೀಡಿ ಕಾಮಗಾರಿ ಪರಿಶೀಲನೆ ನಡೆಸಿದರು. ನಂತರ ಚಾನೆಲ್ ನಲ್ಲಿ ಬೆಳೆದಿರುವ ಗಿಡ ಗಂಟಿ, ಹೂಳು ತೆಗೆದು ನೀರು ಸರಾಗವಾಗಿ ಹರಿಯುವಂತೆ ಅಧಿಕಾರಿಗಳಿಗೆ ಸೂಚನೆ ನೀಡಿದರು. ಈ ಸಂದರ್ಭದಲ್ಲಿ ಸಣ್ಣ ನೀರಾವರಿ ಇಲಾಖೆ ಸಹಾಯಕ ಕಾರ್ಯಪಾಲಕ ಎಂಜಿನಿಯರ್ ಪ್ರಭಾಕರ್ ಹಾಜರಿದ್ದರು.
ಶಿರಾ ತಾಲ್ಲೂಕಿನ ವ್ಯವಸಾಯ ಉತ್ಪನ್ನ ಮಾರುಕಟ್ಟೆ ಸಮಿತಿಗೆ (ಟಿ.ಎ.ಪಿ.ಸಿ.ಎಂ.ಎಸ್.) ನೂತನವಾಗಿ ಅಧ್ಯಕ್ಷರಾಗಿ ಆಯ್ಕೆಯಾದ ಹಂದಿಕುಂಟೆ ನಾರಾಯಣಪ್ಪ ಹಾಗೂ ಉಪಾಧ್ಯಕ್ಷರಾದ ಪಿ.ಜೆ.ಪ್ರಸನ್ನಕುಮಾರ್ ಸಂಘದ ನಿರ್ದೇಶಕರಾಗಿ ಆಯ್ಕೆಯಾದ ಶ್ರೀ ರಾಮಣ್ಣ ಹಾಗೂ ಸಂಘದ ಆಡಳಿತ ಮಂಡಳಿ ಸದಸ್ಯರು ಇವರುಗಳನ್ನು ಎಸ್.ರಂಗನಾಥ್, ಧರಣಿ ಕುಮಾರ್, ನಗರಸಭಾ ಸದಸ್ಯರಾದ ಅಜಯ್ ಕುಮಾರ್, ಮಾಜಿ.ತಾ.ಪಂ. ಸದಸ್ಯರಾದ ಎಂ.ಸಿ.ಶಾರದಾ, ಯುವ ಕಾಂಗ್ರೆಸ್ ತಾಲೂಕು ಉಪಾಧ್ಯಕ್ಷರಾದ ತರಡಿಹಳ್ಳಿ ಶಿವಣ್ಣ, ದಯಾನಂದಸ್ವಾಮಿ ಅಭಿನಂದನೆ ಸಲ್ಲಿಸಿದರು.
